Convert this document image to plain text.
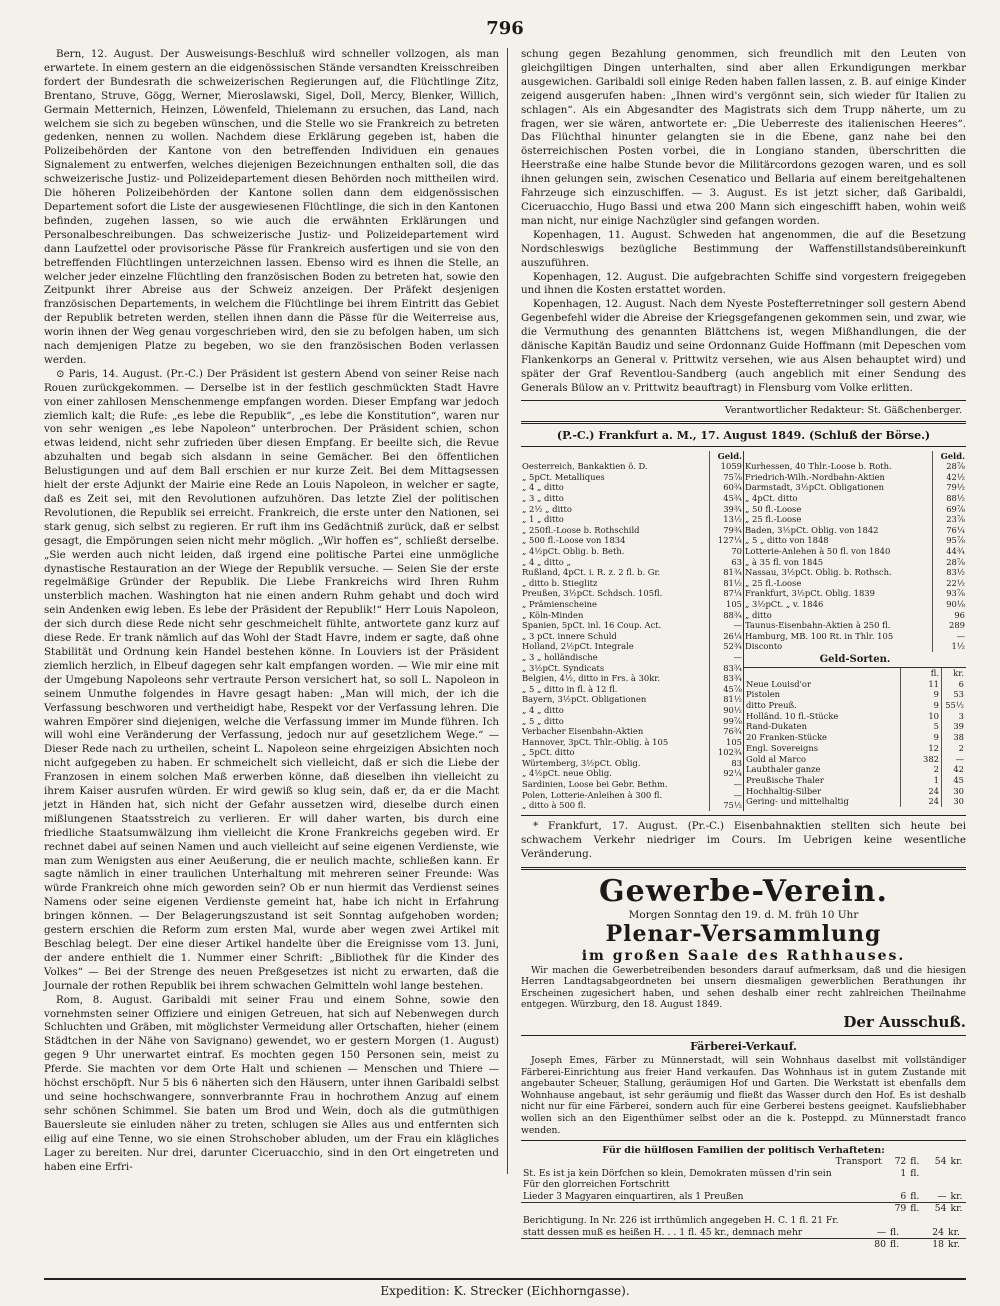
796

Bern, 12. August. Der Ausweisungs-Beschluß wird schneller vollzogen, als man erwartete. In einem gestern an die eidgenössischen Stände versandten Kreisschreiben fordert der Bundesrath die schweizerischen Regierungen auf, die Flüchtlinge Zitz, Brentano, Struve, Gögg, Werner, Mieroslawski, Sigel, Doll, Mercy, Blenker, Willich, Germain Metternich, Heinzen, Löwenfeld, Thielemann zu ersuchen, das Land, nach welchem sie sich zu begeben wünschen, und die Stelle wo sie Frankreich zu betreten gedenken, nennen zu wollen. Nachdem diese Erklärung gegeben ist, haben die Polizeibehörden der Kantone von den betreffenden Individuen ein genaues Signalement zu entwerfen, welches diejenigen Bezeichnungen enthalten soll, die das schweizerische Justiz- und Polizeidepartement diesen Behörden noch mittheilen wird. Die höheren Polizeibehörden der Kantone sollen dann dem eidgenössischen Departement sofort die Liste der ausgewiesenen Flüchtlinge, die sich in den Kantonen befinden, zugehen lassen, so wie auch die erwähnten Erklärungen und Personalbeschreibungen. Das schweizerische Justiz- und Polizeidepartement wird dann Laufzettel oder provisorische Pässe für Frankreich ausfertigen und sie von den betreffenden Flüchtlingen unterzeichnen lassen. Ebenso wird es ihnen die Stelle, an welcher jeder einzelne Flüchtling den französischen Boden zu betreten hat, sowie den Zeitpunkt ihrer Abreise aus der Schweiz anzeigen. Der Präfekt desjenigen französischen Departements, in welchem die Flüchtlinge bei ihrem Eintritt das Gebiet der Republik betreten werden, stellen ihnen dann die Pässe für die Weiterreise aus, worin ihnen der Weg genau vorgeschrieben wird, den sie zu befolgen haben, um sich nach demjenigen Platze zu begeben, wo sie den französischen Boden verlassen werden.

⊙ Paris, 14. August. (Pr.-C.) Der Präsident ist gestern Abend von seiner Reise nach Rouen zurückgekommen. — Derselbe ist in der festlich geschmückten Stadt Havre von einer zahllosen Menschenmenge empfangen worden. Dieser Empfang war jedoch ziemlich kalt; die Rufe: „es lebe die Republik“, „es lebe die Konstitution“, waren nur von sehr wenigen „es lebe Napoleon“ unterbrochen. Der Präsident schien, schon etwas leidend, nicht sehr zufrieden über diesen Empfang. Er beeilte sich, die Revue abzuhalten und begab sich alsdann in seine Gemächer. Bei den öffentlichen Belustigungen und auf dem Ball erschien er nur kurze Zeit. Bei dem Mittagsessen hielt der erste Adjunkt der Mairie eine Rede an Louis Napoleon, in welcher er sagte, daß es Zeit sei, mit den Revolutionen aufzuhören. Das letzte Ziel der politischen Revolutionen, die Republik sei erreicht. Frankreich, die erste unter den Nationen, sei stark genug, sich selbst zu regieren. Er ruft ihm ins Gedächtniß zurück, daß er selbst gesagt, die Empörungen seien nicht mehr möglich. „Wir hoffen es“, schließt derselbe. „Sie werden auch nicht leiden, daß irgend eine politische Partei eine unmögliche dynastische Restauration an der Wiege der Republik versuche. — Seien Sie der erste regelmäßige Gründer der Republik. Die Liebe Frankreichs wird Ihren Ruhm unsterblich machen. Washington hat nie einen andern Ruhm gehabt und doch wird sein Andenken ewig leben. Es lebe der Präsident der Republik!“ Herr Louis Napoleon, der sich durch diese Rede nicht sehr geschmeichelt fühlte, antwortete ganz kurz auf diese Rede. Er trank nämlich auf das Wohl der Stadt Havre, indem er sagte, daß ohne Stabilität und Ordnung kein Handel bestehen könne. In Louviers ist der Präsident ziemlich herzlich, in Elbeuf dagegen sehr kalt empfangen worden. — Wie mir eine mit der Umgebung Napoleons sehr vertraute Person versichert hat, so soll L. Napoleon in seinem Unmuthe folgendes in Havre gesagt haben: „Man will mich, der ich die Verfassung beschworen und vertheidigt habe, Respekt vor der Verfassung lehren. Die wahren Empörer sind diejenigen, welche die Verfassung immer im Munde führen. Ich will wohl eine Veränderung der Verfassung, jedoch nur auf gesetzlichem Wege.“ — Dieser Rede nach zu urtheilen, scheint L. Napoleon seine ehrgeizigen Absichten noch nicht aufgegeben zu haben. Er schmeichelt sich vielleicht, daß er sich die Liebe der Franzosen in einem solchen Maß erwerben könne, daß dieselben ihn vielleicht zu ihrem Kaiser ausrufen würden. Er wird gewiß so klug sein, daß er, da er die Macht jetzt in Händen hat, sich nicht der Gefahr aussetzen wird, dieselbe durch einen mißlungenen Staatsstreich zu verlieren. Er will daher warten, bis durch eine friedliche Staatsumwälzung ihm vielleicht die Krone Frankreichs gegeben wird. Er rechnet dabei auf seinen Namen und auch vielleicht auf seine eigenen Verdienste, wie man zum Wenigsten aus einer Aeußerung, die er neulich machte, schließen kann. Er sagte nämlich in einer traulichen Unterhaltung mit mehreren seiner Freunde: Was würde Frankreich ohne mich geworden sein? Ob er nun hiermit das Verdienst seines Namens oder seine eigenen Verdienste gemeint hat, habe ich nicht in Erfahrung bringen können. — Der Belagerungszustand ist seit Sonntag aufgehoben worden; gestern erschien die Reform zum ersten Mal, wurde aber wegen zwei Artikel mit Beschlag belegt. Der eine dieser Artikel handelte über die Ereignisse vom 13. Juni, der andere enthielt die 1. Nummer einer Schrift: „Bibliothek für die Kinder des Volkes“ — Bei der Strenge des neuen Preßgesetzes ist nicht zu erwarten, daß die Journale der rothen Republik bei ihrem schwachen Gelmitteln wohl lange bestehen.

Rom, 8. August. Garibaldi mit seiner Frau und einem Sohne, sowie den vornehmsten seiner Offiziere und einigen Getreuen, hat sich auf Nebenwegen durch Schluchten und Gräben, mit möglichster Vermeidung aller Ortschaften, hieher (einem Städtchen in der Nähe von Savignano) gewendet, wo er gestern Morgen (1. August) gegen 9 Uhr unerwartet eintraf. Es mochten gegen 150 Personen sein, meist zu Pferde. Sie machten vor dem Orte Halt und schienen — Menschen und Thiere — höchst erschöpft. Nur 5 bis 6 näherten sich den Häusern, unter ihnen Garibaldi selbst und seine hochschwangere, sonnverbrannte Frau in hochrothem Anzug auf einem sehr schönen Schimmel. Sie baten um Brod und Wein, doch als die gutmüthigen Bauersleute sie einluden näher zu treten, schlugen sie Alles aus und entfernten sich eilig auf eine Tenne, wo sie einen Strohschober abluden, um der Frau ein klägliches Lager zu bereiten. Nur drei, darunter Ciceruacchio, sind in den Ort eingetreten und haben eine Erfri-

schung gegen Bezahlung genommen, sich freundlich mit den Leuten von gleichgiltigen Dingen unterhalten, sind aber allen Erkundigungen merkbar ausgewichen. Garibaldi soll einige Reden haben fallen lassen, z. B. auf einige Kinder zeigend ausgerufen haben: „Ihnen wird's vergönnt sein, sich wieder für Italien zu schlagen“. Als ein Abgesandter des Magistrats sich dem Trupp näherte, um zu fragen, wer sie wären, antwortete er: „Die Ueberreste des italienischen Heeres“. Das Flüchthal hinunter gelangten sie in die Ebene, ganz nahe bei den österreichischen Posten vorbei, die in Longiano standen, überschritten die Heerstraße eine halbe Stunde bevor die Militärcordons gezogen waren, und es soll ihnen gelungen sein, zwischen Cesenatico und Bellaria auf einem bereitgehaltenen Fahrzeuge sich einzuschiffen. — 3. August. Es ist jetzt sicher, daß Garibaldi, Ciceruacchio, Hugo Bassi und etwa 200 Mann sich eingeschifft haben, wohin weiß man nicht, nur einige Nachzügler sind gefangen worden.

Kopenhagen, 11. August. Schweden hat angenommen, die auf die Besetzung Nordschleswigs bezügliche Bestimmung der Waffenstillstandsübereinkunft auszuführen.

Kopenhagen, 12. August. Die aufgebrachten Schiffe sind vorgestern freigegeben und ihnen die Kosten erstattet worden.

Kopenhagen, 12. August. Nach dem Nyeste Postefterretninger soll gestern Abend Gegenbefehl wider die Abreise der Kriegsgefangenen gekommen sein, und zwar, wie die Vermuthung des genannten Blättchens ist, wegen Mißhandlungen, die der dänische Kapitän Baudiz und seine Ordonnanz Guide Hoffmann (mit Depeschen vom Flankenkorps an General v. Prittwitz versehen, wie aus Alsen behauptet wird) und später der Graf Reventlou-Sandberg (auch angeblich mit einer Sendung des Generals Bülow an v. Prittwitz beauftragt) in Flensburg vom Volke erlitten.

Verantwortlicher Redakteur: St. Gäßchenberger.
(P.-C.) Frankfurt a. M., 17. August 1849. (Schluß der Börse.)
	Geld.
Oesterreich, Bankaktien ö. D.	1059
„ 5pCt. Metalliques	75⅞
„ 4 „ ditto	60¾
„ 3 „ ditto	45¾
„ 2½ „ ditto	39¾
„ 1 „ ditto	13½
„ 250fl.-Loose b. Rothschild	79¾
„ 500 fl.-Loose von 1834	127¼
„ 4½pCt. Oblig. b. Beth.	70
„ 4 „ ditto „	63
Rußland, 4pCt. i. R. z. 2 fl. b. Gr.	81¾
„ ditto b. Stieglitz	81½
Preußen, 3½pCt. Schdsch. 105fl.	87¼
„ Prämienscheine	105
„ Köln-Minden	88¾
Spanien, 5pCt. inl. 16 Coup. Act.	—
„ 3 pCt. innere Schuld	26¼
Holland, 2½pCt. Integrale	52¾
„ 3 „ holländische	—
„ 3½pCt. Syndicats	83¾
Belgien, 4½, ditto in Frs. à 30kr.	83¾
„ 5 „ ditto in fl. à 12 fl.	45⅞
Bayern, 3½pCt. Obligationen	81½
„ 4 „ ditto	90½
„ 5 „ ditto	99⅞
Verbacher Eisenbahn-Aktien	76¾
Hannover, 3pCt. Thlr.-Oblig. à 105	105
„ 5pCt. ditto	102¾
Würtemberg, 3½pCt. Oblig.	83
„ 4½pCt. neue Oblig.	92¼
Sardinien, Loose bei Gebr. Bethm.	—
Polen, Lotterie-Anleihen à 300 fl.	—
„ ditto à 500 fl.	75½
	Geld.
Kurhessen, 40 Thlr.-Loose b. Roth.	28⅞
Friedrich-Wilh.-Nordbahn-Aktien	42½
Darmstadt, 3½pCt. Obligationen	79½
„ 4pCt. ditto	88½
„ 50 fl.-Loose	69⅞
„ 25 fl.-Loose	23⅞
Baden, 3½pCt. Oblig. von 1842	76¼
„ 5 „ ditto von 1848	95⅞
Lotterie-Anlehen à 50 fl. von 1840	44¾
„ à 35 fl. von 1845	28⅞
Nassau, 3½pCt. Oblig. b. Rothsch.	83½
„ 25 fl.-Loose	22½
Frankfurt, 3½pCt. Oblig. 1839	93⅞
„ 3½pCt. „ v. 1846	90⅛
„ ditto	96
Taunus-Eisenbahn-Aktien à 250 fl.	289
Hamburg, MB. 100 Rt. in Thlr. 105	—
Disconto	1½
Geld-Sorten.
	fl.	kr.
Neue Louisd'or	11	6
Pistolen	9	53
ditto Preuß.	9	55½
Holländ. 10 fl.-Stücke	10	3
Rand-Dukaten	5	39
20 Franken-Stücke	9	38
Engl. Sovereigns	12	2
Gold al Marco	382	—
Laubthaler ganze	2	42
Preußische Thaler	1	45
Hochhaltig-Silber	24	30
Gering- und mittelhaltig	24	30

* Frankfurt, 17. August. (Pr.-C.) Eisenbahnaktien stellten sich heute bei schwachem Verkehr niedriger im Cours. Im Uebrigen keine wesentliche Veränderung.

Gewerbe-Verein.
Morgen Sonntag den 19. d. M. früh 10 Uhr
Plenar-Versammlung
im großen Saale des Rathhauses.

Wir machen die Gewerbetreibenden besonders darauf aufmerksam, daß und die hiesigen Herren Landtagsabgeordneten bei unsern diesmaligen gewerblichen Berathungen ihr Erscheinen zugesichert haben, und sehen deshalb einer recht zahlreichen Theilnahme entgegen. Würzburg, den 18. August 1849.

Der Ausschuß.
Färberei-Verkauf.

Joseph Emes, Färber zu Münnerstadt, will sein Wohnhaus daselbst mit vollständiger Färberei-Einrichtung aus freier Hand verkaufen. Das Wohnhaus ist in gutem Zustande mit angebauter Scheuer, Stallung, geräumigen Hof und Garten. Die Werkstatt ist ebenfalls dem Wohnhause angebaut, ist sehr geräumig und fließt das Wasser durch den Hof. Es ist deshalb nicht nur für eine Färberei, sondern auch für eine Gerberei bestens geeignet. Kaufsliebhaber wollen sich an den Eigenthümer selbst oder an die k. Posteppd. zu Münnerstadt franco wenden.

Für die hülflosen Familien der politisch Verhafteten:
	Transport	72	fl.	54	kr.
St. Es ist ja kein Dörfchen so klein, Demokraten müssen d'rin sein		1	fl.		
Für den glorreichen Fortschritt					
Lieder 3 Magyaren einquartiren, als 1 Preußen		6	fl.	—	kr.
		79	fl.	54	kr.
Berichtigung. In Nr. 226 ist irrthümlich angegeben H. C. 1 fl. 21 Fr.					
statt dessen muß es heißen H. . . 1 fl. 45 kr., demnach mehr		—	fl.	24	kr.
		80	fl.	18	kr.
Expedition: K. Strecker (Eichhorngasse).
